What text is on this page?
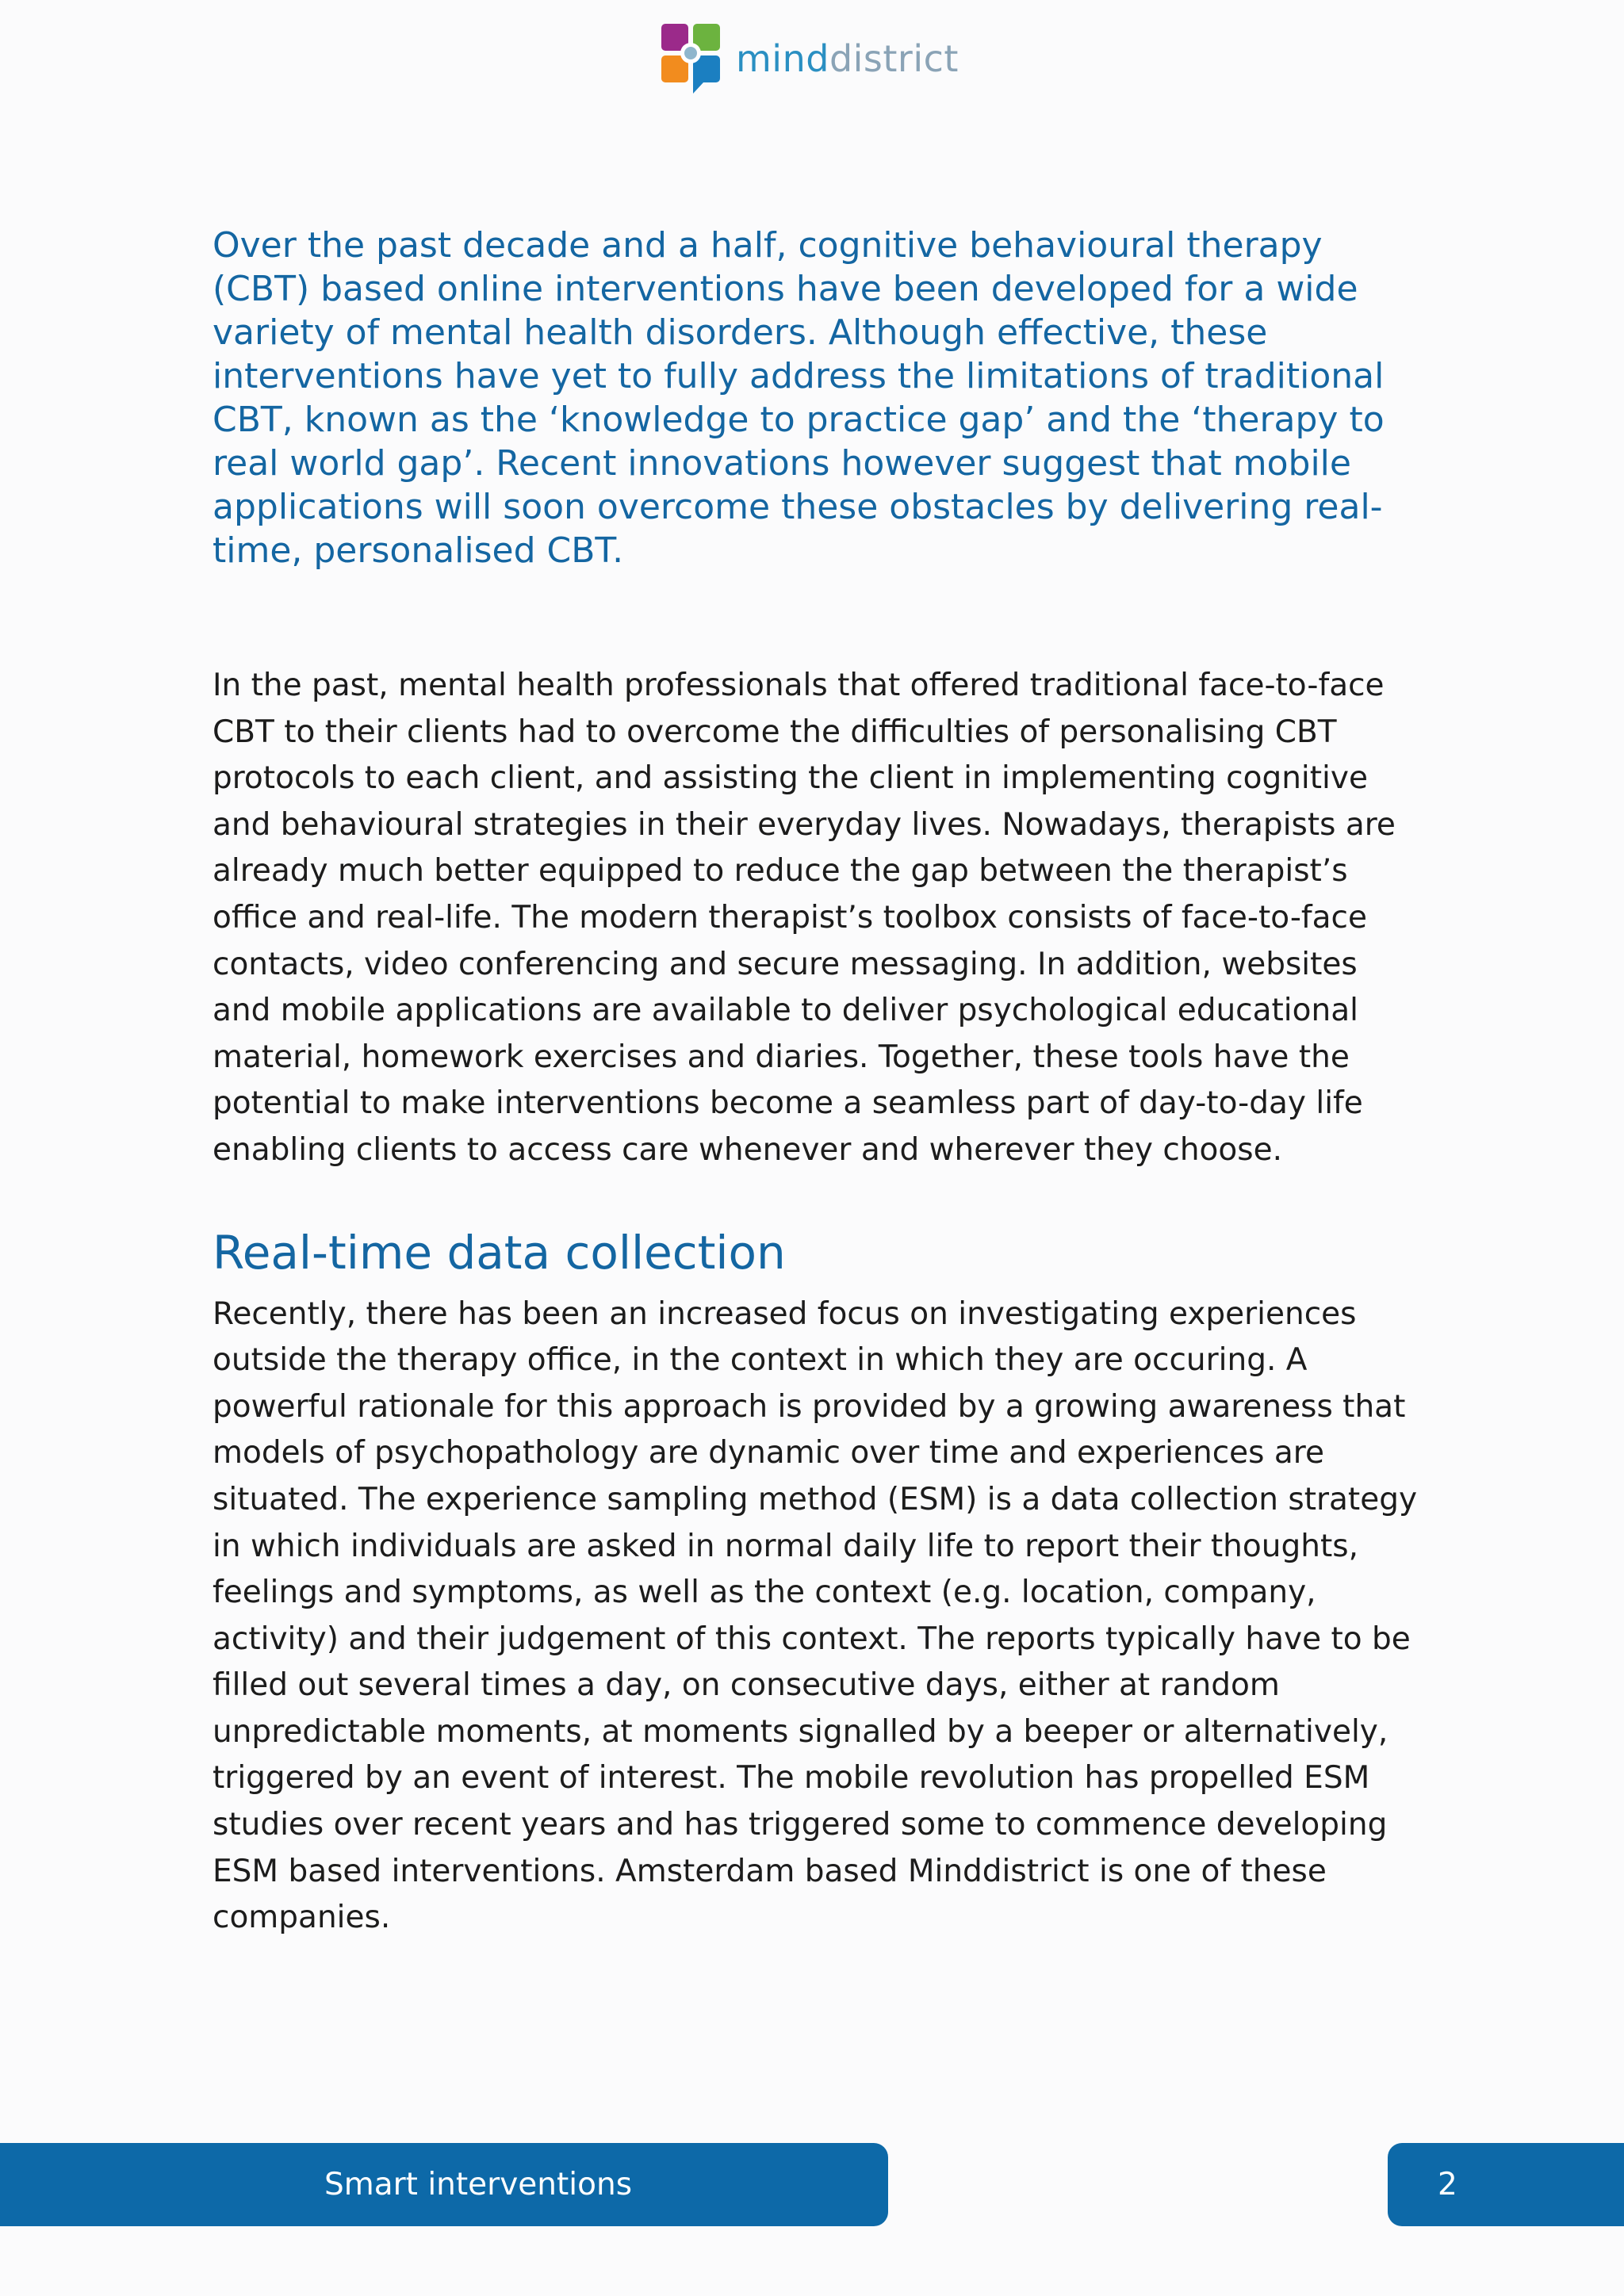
minddistrict

Over the past decade and a half, cognitive behavioural therapy (CBT) based online interventions have been developed for a wide variety of mental health disorders. Although effective, these interventions have yet to fully address the limitations of traditional CBT, known as the ‘knowledge to practice gap’ and the ‘therapy to real world gap’. Recent innovations however suggest that mobile applications will soon overcome these obstacles by delivering real-time, personalised CBT.

In the past, mental health professionals that offered traditional face-to-face CBT to their clients had to overcome the difficulties of personalising CBT protocols to each client, and assisting the client in implementing cognitive and behavioural strategies in their everyday lives. Nowadays, therapists are already much better equipped to reduce the gap between the therapist’s office and real-life. The modern therapist’s toolbox consists of face-to-face contacts, video conferencing and secure messaging. In addition, websites and mobile applications are available to deliver psychological educational material, homework exercises and diaries. Together, these tools have the potential to make interventions become a seamless part of day-to-day life enabling clients to access care whenever and wherever they choose.

Real-time data collection

Recently, there has been an increased focus on investigating experiences outside the therapy office, in the context in which they are occuring. A powerful rationale for this approach is provided by a growing awareness that models of psychopathology are dynamic over time and experiences are situated. The experience sampling method (ESM) is a data collection strategy in which individuals are asked in normal daily life to report their thoughts, feelings and symptoms, as well as the context (e.g. location, company, activity) and their judgement of this context. The reports typically have to be filled out several times a day, on consecutive days, either at random unpredictable moments, at moments signalled by a beeper or alternatively, triggered by an event of interest. The mobile revolution has propelled ESM studies over recent years and has triggered some to commence developing ESM based interventions. Amsterdam based Minddistrict is one of these companies.

Smart interventions	2
